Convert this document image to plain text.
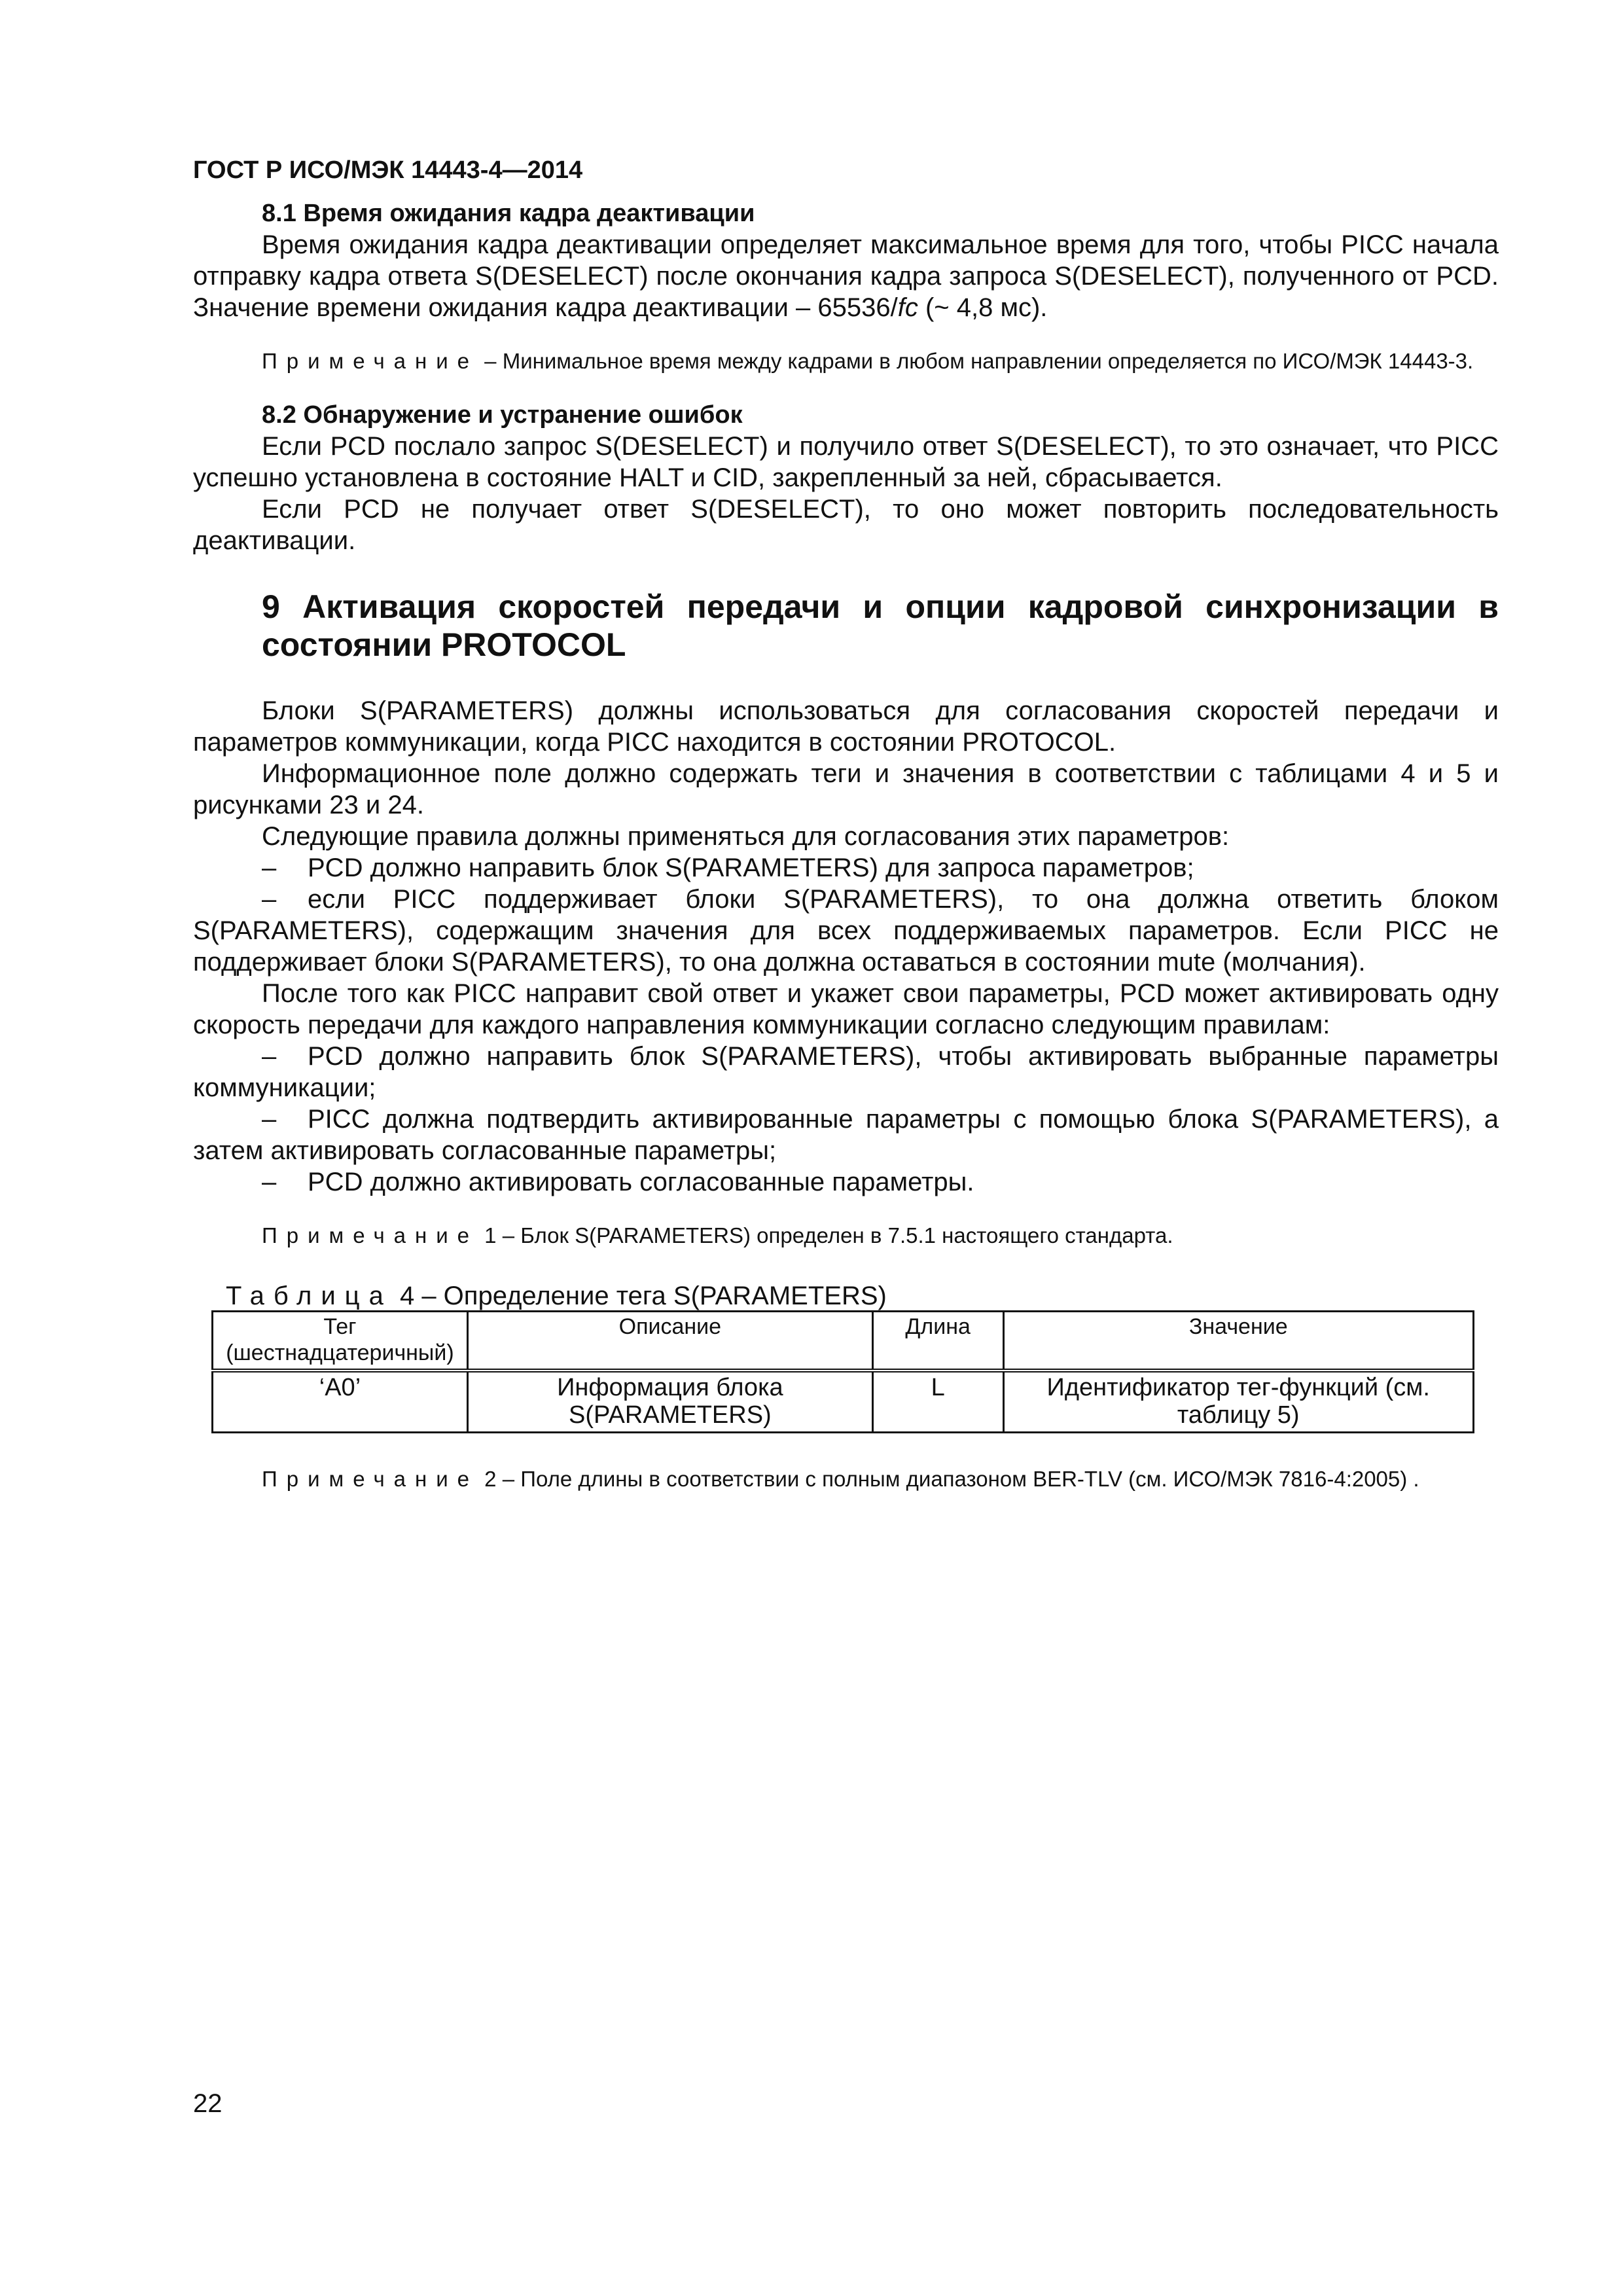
ГОСТ Р ИСО/МЭК 14443-4—2014
8.1 Время ожидания кадра деактивации

Время ожидания кадра деактивации определяет максимальное время для того, чтобы PICC начала отправку кадра ответа S(DESELECT) после окончания кадра запроса S(DESELECT), полученного от PCD. Значение времени ожидания кадра деактивации – 65536/fc (~ 4,8 мс).

Примечание – Минимальное время между кадрами в любом направлении определяется по ИСО/МЭК 14443-3.

8.2 Обнаружение и устранение ошибок

Если PCD послало запрос S(DESELECT) и получило ответ S(DESELECT), то это означает, что PICC успешно установлена в состояние HALT и CID, закрепленный за ней, сбрасывается.

Если PCD не получает ответ S(DESELECT), то оно может повторить последовательность деактивации.

9 Активация скоростей передачи и опции кадровой синхронизации в состоянии PROTOCOL

Блоки S(PARAMETERS) должны использоваться для согласования скоростей передачи и параметров коммуникации, когда PICC находится в состоянии PROTOCOL.

Информационное поле должно содержать теги и значения в соответствии с таблицами 4 и 5 и рисунками 23 и 24.

Следующие правила должны применяться для согласования этих параметров:

– PCD должно направить блок S(PARAMETERS) для запроса параметров;

– если PICC поддерживает блоки S(PARAMETERS), то она должна ответить блоком S(PARAMETERS), содержащим значения для всех поддерживаемых параметров. Если PICC не поддерживает блоки S(PARAMETERS), то она должна оставаться в состоянии mute (молчания).

После того как PICC направит свой ответ и укажет свои параметры, PCD может активировать одну скорость передачи для каждого направления коммуникации согласно следующим правилам:

– PCD должно направить блок S(PARAMETERS), чтобы активировать выбранные параметры коммуникации;

– PICC должна подтвердить активированные параметры с помощью блока S(PARAMETERS), а затем активировать согласованные параметры;

– PCD должно активировать согласованные параметры.

Примечание 1 – Блок S(PARAMETERS) определен в 7.5.1 настоящего стандарта.

Таблица 4 – Определение тега S(PARAMETERS)

Тег (шестнадцатеричный)	Описание	Длина	Значение
‘A0’	Информация блока S(PARAMETERS)	L	Идентификатор тег-функций (см. таблицу 5)

Примечание 2 – Поле длины в соответствии с полным диапазоном BER-TLV (см. ИСО/МЭК 7816-4:2005) .

22
